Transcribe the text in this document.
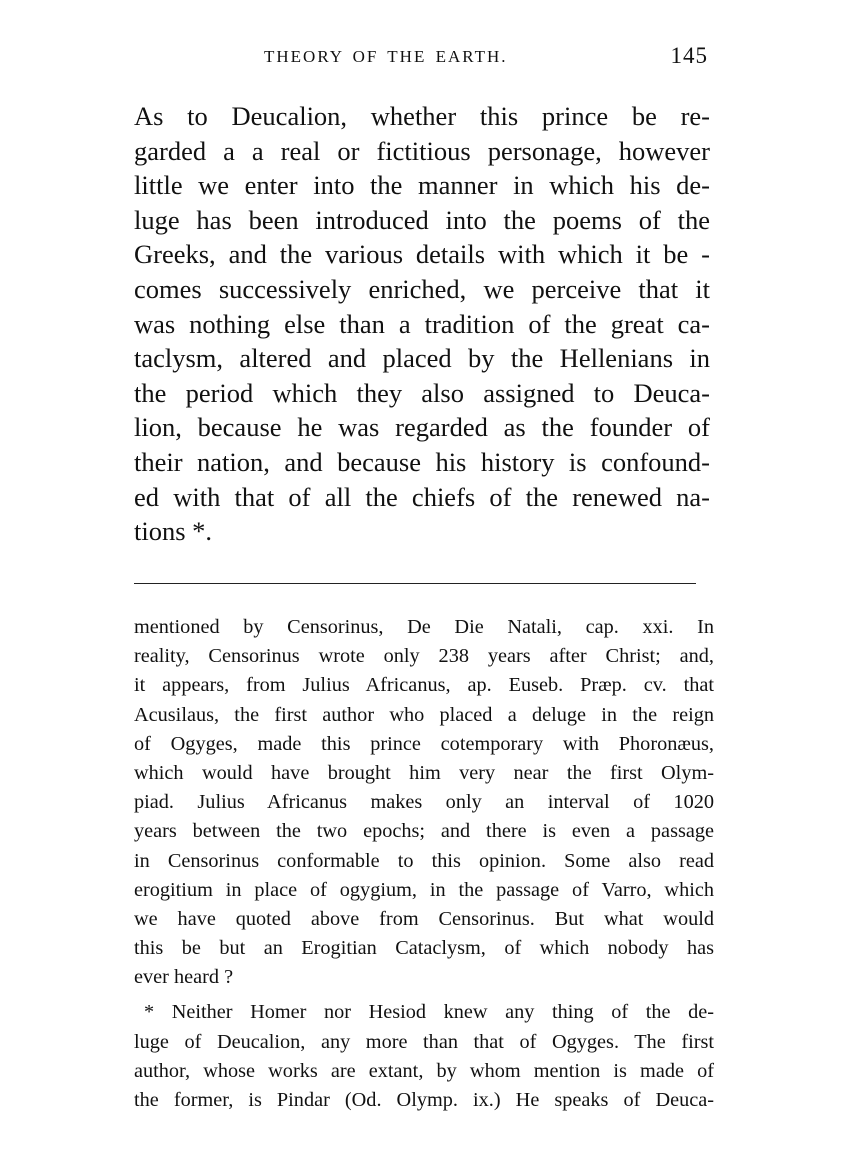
THEORY OF THE EARTH.	145
As to Deucalion, whether this prince be re-
garded a a real or fictitious personage, however
little we enter into the manner in which his de-
luge has been introduced into the poems of the
Greeks, and the various details with which it be -
comes successively enriched, we perceive that it
was nothing else than a tradition of the great ca-
taclysm, altered and placed by the Hellenians in
the period which they also assigned to Deuca-
lion, because he was regarded as the founder of
their nation, and because his history is confound-
ed with that of all the chiefs of the renewed na-
tions *.
mentioned by Censorinus, De Die Natali, cap. xxi. In
reality, Censorinus wrote only 238 years after Christ; and,
it appears, from Julius Africanus, ap. Euseb. Præp. cv. that
Acusilaus, the first author who placed a deluge in the reign
of Ogyges, made this prince cotemporary with Phoronæus,
which would have brought him very near the first Olym-
piad. Julius Africanus makes only an interval of 1020
years between the two epochs; and there is even a passage
in Censorinus conformable to this opinion. Some also read
erogitium in place of ogygium, in the passage of Varro, which
we have quoted above from Censorinus. But what would
this be but an Erogitian Cataclysm, of which nobody has
ever heard ?
* Neither Homer nor Hesiod knew any thing of the de-
luge of Deucalion, any more than that of Ogyges. The first
author, whose works are extant, by whom mention is made of
the former, is Pindar (Od. Olymp. ix.) He speaks of Deuca-
